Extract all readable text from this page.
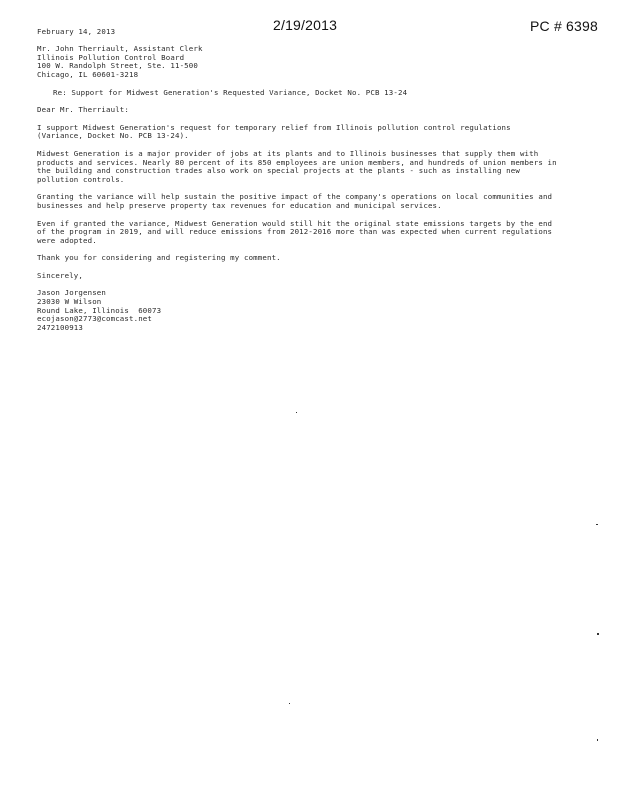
2/19/2013	PC # 6398
February 14, 2013
Mr. John Therriault, Assistant Clerk
Illinois Pollution Control Board
100 W. Randolph Street, Ste. 11-500
Chicago, IL 60601-3218
Re: Support for Midwest Generation's Requested Variance, Docket No. PCB 13-24
Dear Mr. Therriault:
I support Midwest Generation's request for temporary relief from Illinois pollution control regulations
(Variance, Docket No. PCB 13-24).
Midwest Generation is a major provider of jobs at its plants and to Illinois businesses that supply them with
products and services. Nearly 80 percent of its 850 employees are union members, and hundreds of union members in
the building and construction trades also work on special projects at the plants - such as installing new
pollution controls.
Granting the variance will help sustain the positive impact of the company's operations on local communities and
businesses and help preserve property tax revenues for education and municipal services.
Even if granted the variance, Midwest Generation would still hit the original state emissions targets by the end
of the program in 2019, and will reduce emissions from 2012-2016 more than was expected when current regulations
were adopted.
Thank you for considering and registering my comment.
Sincerely,
Jason Jorgensen
23030 W Wilson
Round Lake, Illinois  60073
ecojason@2773@comcast.net
2472100913
